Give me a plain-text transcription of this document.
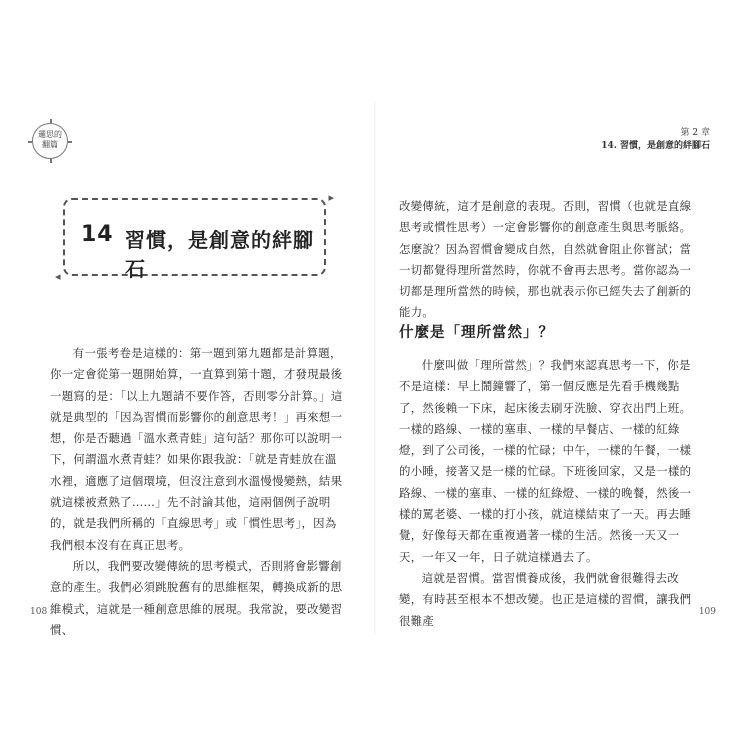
邏思的
翻篇
▸
◂
14 習慣，是創意的絆腳石

有一張考卷是這樣的：第一題到第九題都是計算題，你一定會從第一題開始算，一直算到第十題，才發現最後一題寫的是：「以上九題請不要作答，否則零分計算。」這就是典型的「因為習慣而影響你的創意思考！」再來想一想，你是否聽過「溫水煮青蛙」這句話？那你可以說明一下，何謂溫水煮青蛙？如果你跟我說：「就是青蛙放在溫水裡，適應了這個環境，但沒注意到水溫慢慢變熱，結果就這樣被煮熟了……」先不討論其他，這兩個例子說明的，就是我們所稱的「直線思考」或「慣性思考」，因為我們根本沒有在真正思考。

所以，我們要改變傳統的思考模式，否則將會影響創意的產生。我們必須跳脫舊有的思維框架，轉換成新的思維模式，這就是一種創意思維的展現。我常說，要改變習慣、

108
第 2 章
14. 習慣，是創意的絆腳石

改變傳統，這才是創意的表現。否則，習慣（也就是直線思考或慣性思考）一定會影響你的創意產生與思考脈絡。怎麼說？因為習慣會變成自然，自然就會阻止你嘗試；當一切都覺得理所當然時，你就不會再去思考。當你認為一切都是理所當然的時候，那也就表示你已經失去了創新的能力。

什麼是「理所當然」？

什麼叫做「理所當然」？我們來認真思考一下，你是不是這樣：早上鬧鐘響了，第一個反應是先看手機幾點了，然後賴一下床，起床後去刷牙洗臉、穿衣出門上班。一樣的路線、一樣的塞車、一樣的早餐店、一樣的紅綠燈，到了公司後，一樣的忙碌；中午，一樣的午餐，一樣的小睡，接著又是一樣的忙碌。下班後回家，又是一樣的路線、一樣的塞車、一樣的紅綠燈、一樣的晚餐，然後一樣的罵老婆、一樣的打小孩，就這樣結束了一天。再去睡覺，好像每天都在重複過著一樣的生活。然後一天又一天，一年又一年，日子就這樣過去了。

這就是習慣。當習慣養成後，我們就會很難得去改變，有時甚至根本不想改變。也正是這樣的習慣，讓我們很難產

109
